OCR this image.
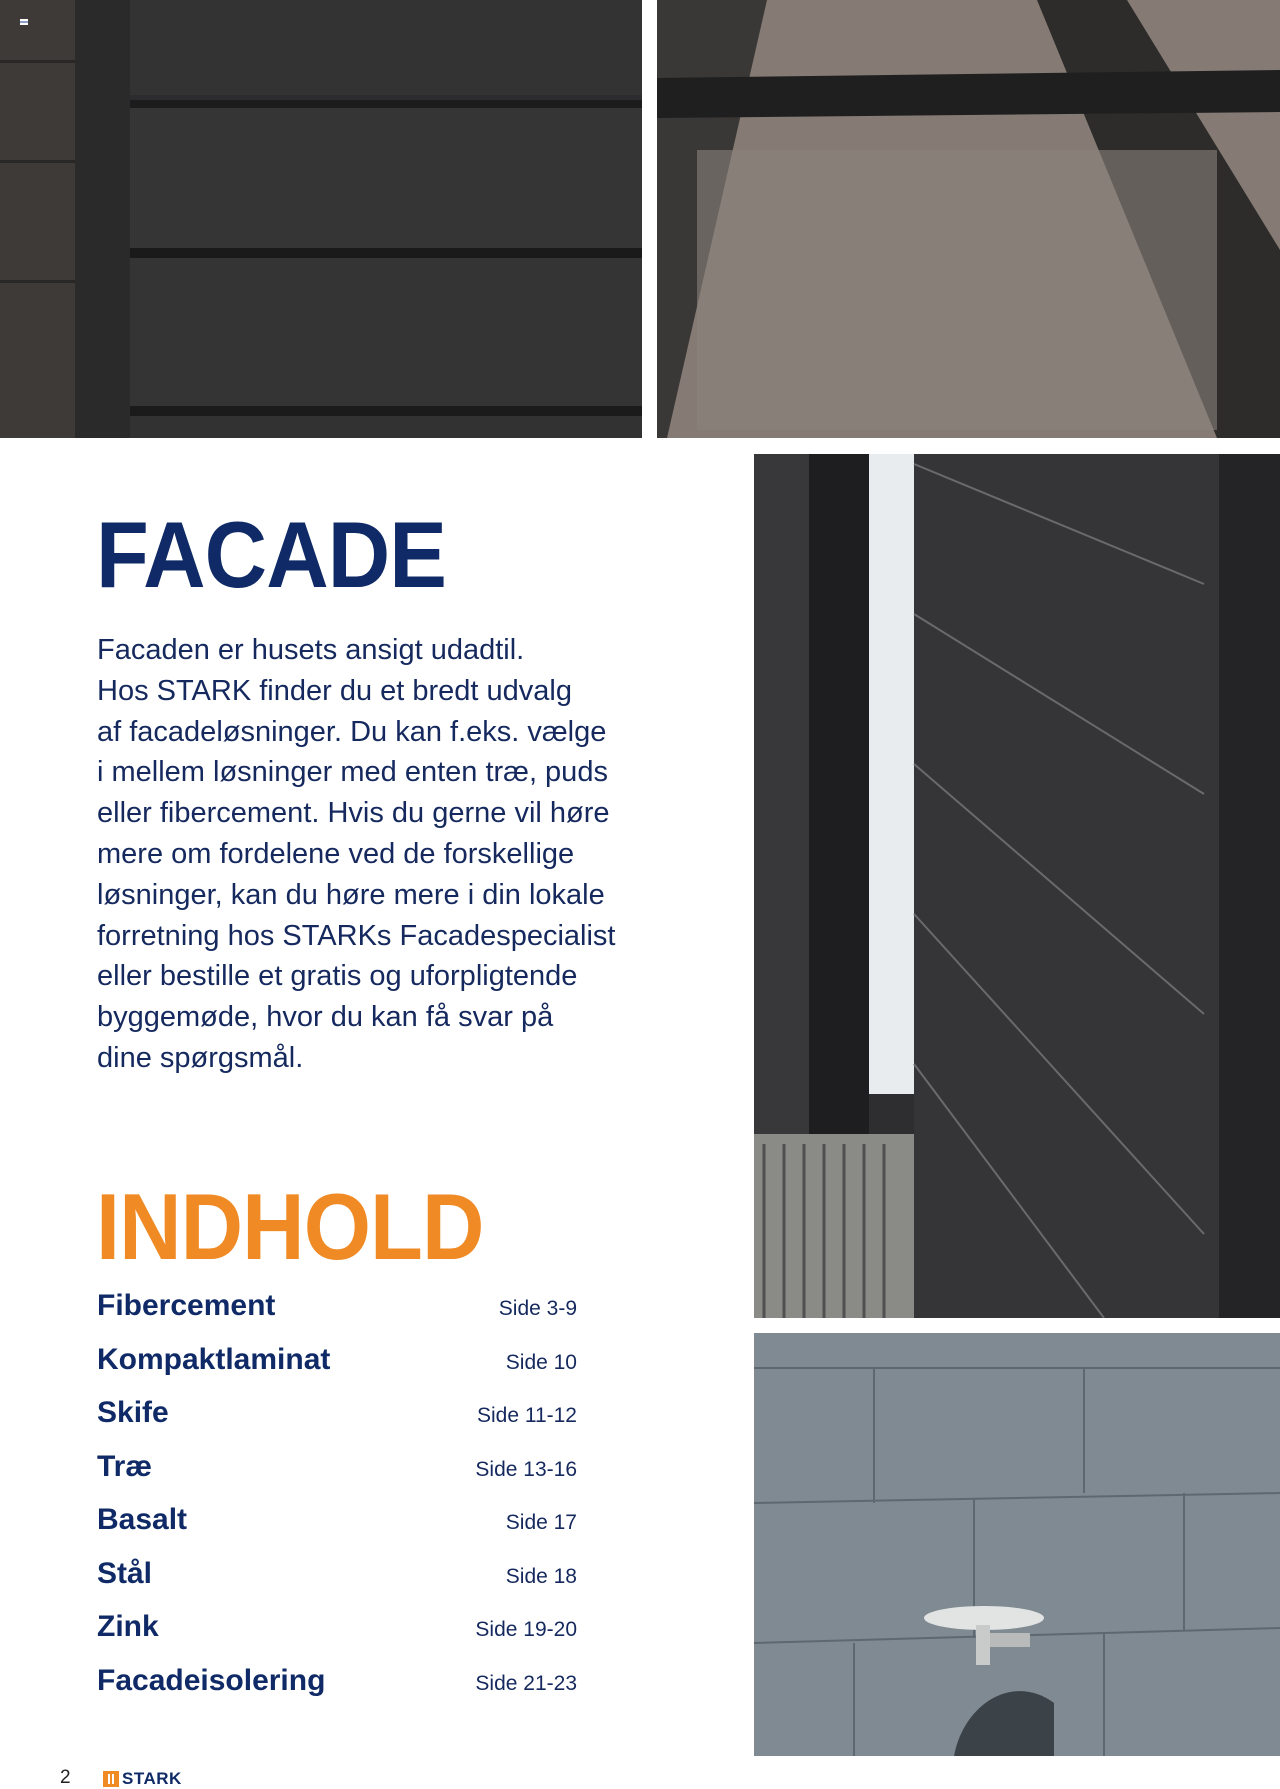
FACADE

Facaden er husets ansigt udadtil.
Hos STARK finder du et bredt udvalg
af facadeløsninger. Du kan f.eks. vælge
i mellem løsninger med enten træ, puds
eller fibercement. Hvis du gerne vil høre
mere om fordelene ved de forskellige
løsninger, kan du høre mere i din lokale
forretning hos STARKs Facadespecialist
eller bestille et gratis og uforpligtende
byggemøde, hvor du kan få svar på
dine spørgsmål.

INDHOLD
Fibercement	Side 3-9
Kompaktlaminat	Side 10
Skife	Side 11-12
Træ	Side 13-16
Basalt	Side 17
Stål	Side 18
Zink	Side 19-20
Facadeisolering	Side 21-23
2	STARK
